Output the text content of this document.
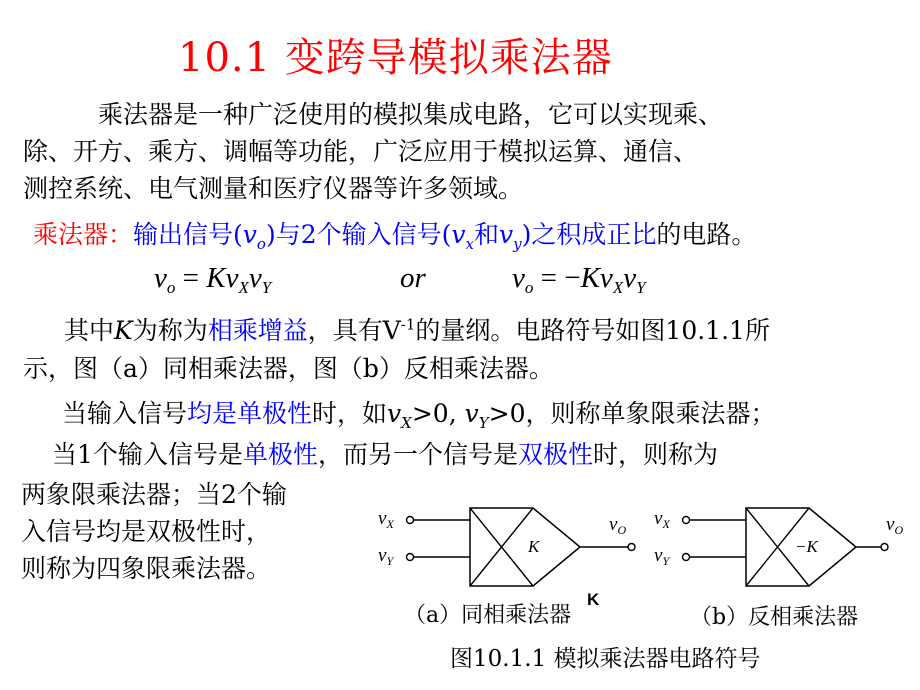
10.1 变跨导模拟乘法器
乘法器是一种广泛使用的模拟集成电路，它可以实现乘、
除、开方、乘方、调幅等功能，广泛应用于模拟运算、通信、
测控系统、电气测量和医疗仪器等许多领域。
乘法器：输出信号$(v_o)$与2个输入信号($v_x$和$v_y$)之积成正比的电路。
$v_o = Kv_Xv_Y$	or	$v_o = -Kv_Xv_Y$
其中K为称为相乘增益，具有$V^{-1}$的量纲。电路符号如图10.1.1所
示，图（a）同相乘法器，图（b）反相乘法器。
当输入信号均是单极性时，如$v_X>0$, $v_Y>0$，则称单象限乘法器；
当1个输入信号是单极性，而另一个信号是双极性时，则称为
两象限乘法器；当2个输
入信号均是双极性时，
则称为四象限乘法器。
$v_X$
$v_Y$
K
$v_O$
$v_X$
$v_Y$
−K
$v_O$
（a）同相乘法器
K
（b）反相乘法器
图10.1.1 模拟乘法器电路符号
